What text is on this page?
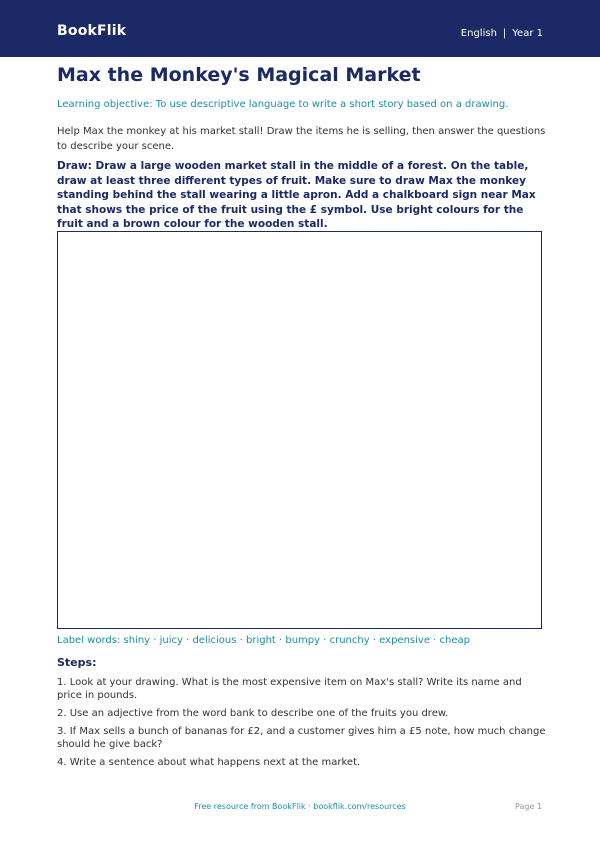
BookFlik	English | Year 1
Max the Monkey's Magical Market
Learning objective: To use descriptive language to write a short story based on a drawing.
Help Max the monkey at his market stall! Draw the items he is selling, then answer the questions to describe your scene.
Draw: Draw a large wooden market stall in the middle of a forest. On the table, draw at least three different types of fruit. Make sure to draw Max the monkey standing behind the stall wearing a little apron. Add a chalkboard sign near Max that shows the price of the fruit using the £ symbol. Use bright colours for the fruit and a brown colour for the wooden stall.
Label words: shiny · juicy · delicious · bright · bumpy · crunchy · expensive · cheap
Steps:
1. Look at your drawing. What is the most expensive item on Max's stall? Write its name and price in pounds.
2. Use an adjective from the word bank to describe one of the fruits you drew.
3. If Max sells a bunch of bananas for £2, and a customer gives him a £5 note, how much change should he give back?
4. Write a sentence about what happens next at the market.
Free resource from BookFlik · bookflik.com/resources	Page 1
